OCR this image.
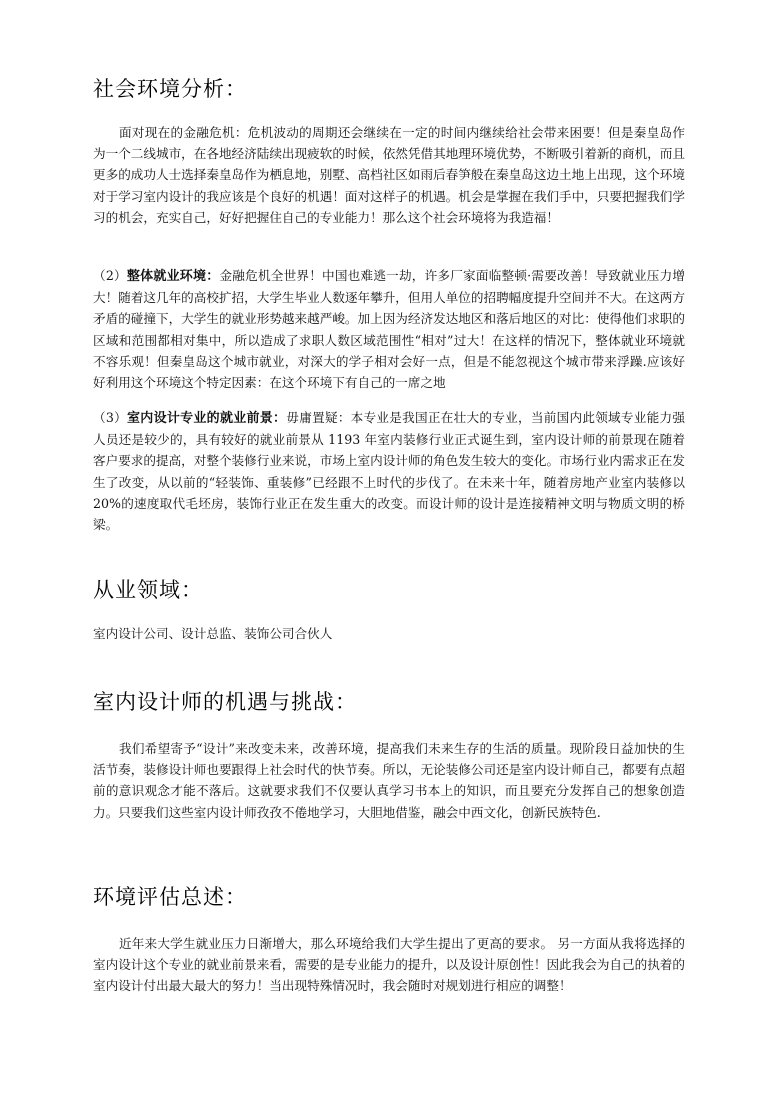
社会环境分析：

面对现在的金融危机：危机波动的周期还会继续在一定的时间内继续给社会带来困要！但是秦皇岛作为一个二线城市，在各地经济陆续出现疲软的时候，依然凭借其地理环境优势，不断吸引着新的商机，而且更多的成功人士选择秦皇岛作为栖息地，别墅、高档社区如雨后春笋般在秦皇岛这边土地上出现，这个环境对于学习室内设计的我应该是个良好的机遇！面对这样子的机遇。机会是掌握在我们手中，只要把握我们学习的机会，充实自己，好好把握住自己的专业能力！那么这个社会环境将为我造福！

（2）整体就业环境：金融危机全世界！中国也难逃一劫，许多厂家面临整顿·需要改善！导致就业压力增大！随着这几年的高校扩招，大学生毕业人数逐年攀升，但用人单位的招聘幅度提升空间并不大。在这两方矛盾的碰撞下，大学生的就业形势越来越严峻。加上因为经济发达地区和落后地区的对比：使得他们求职的区域和范围都相对集中，所以造成了求职人数区域范围性“相对”过大！在这样的情况下，整体就业环境就不容乐观！但秦皇岛这个城市就业，对深大的学子相对会好一点，但是不能忽视这个城市带来浮躁.应该好好利用这个环境这个特定因素：在这个环境下有自己的一席之地

（3）室内设计专业的就业前景：毋庸置疑：本专业是我国正在壮大的专业，当前国内此领域专业能力强人员还是较少的，具有较好的就业前景从 1193 年室内装修行业正式诞生到，室内设计师的前景现在随着客户要求的提高，对整个装修行业来说，市场上室内设计师的角色发生较大的变化。市场行业内需求正在发生了改变，从以前的“轻装饰、重装修”已经跟不上时代的步伐了。在未来十年，随着房地产业室内装修以 20%的速度取代毛坯房，装饰行业正在发生重大的改变。而设计师的设计是连接精神文明与物质文明的桥梁。

从业领域：

室内设计公司、设计总监、装饰公司合伙人

室内设计师的机遇与挑战：

我们希望寄予“设计”来改变未来，改善环境，提高我们未来生存的生活的质量。现阶段日益加快的生活节奏，装修设计师也要跟得上社会时代的快节奏。所以，无论装修公司还是室内设计师自己，都要有点超前的意识观念才能不落后。这就要求我们不仅要认真学习书本上的知识，而且要充分发挥自己的想象创造力。只要我们这些室内设计师孜孜不倦地学习，大胆地借鉴，融会中西文化，创新民族特色.

环境评估总述：

近年来大学生就业压力日渐增大，那么环境给我们大学生提出了更高的要求。 另一方面从我将选择的室内设计这个专业的就业前景来看，需要的是专业能力的提升，以及设计原创性！因此我会为自己的执着的室内设计付出最大最大的努力！当出现特殊情况时，我会随时对规划进行相应的调整！
